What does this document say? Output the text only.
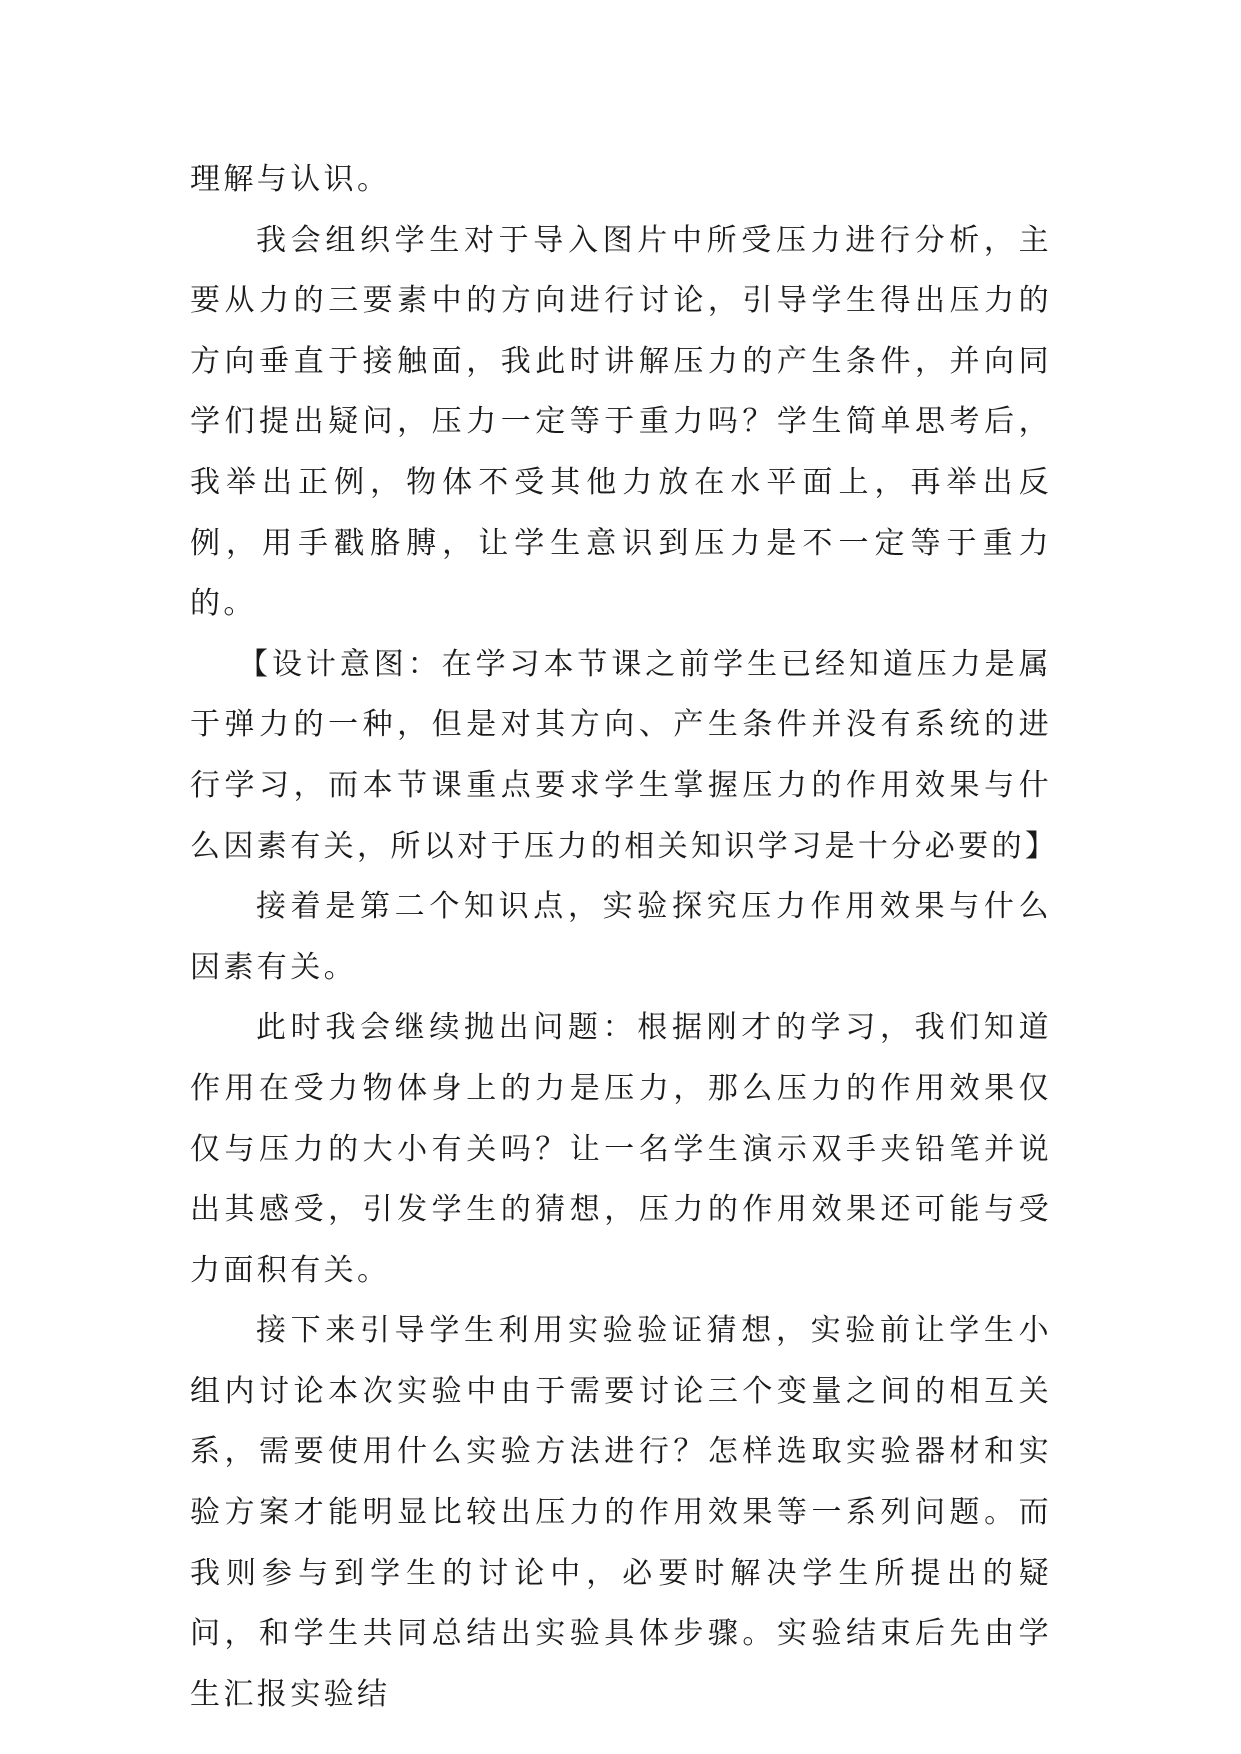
理解与认识。

我会组织学生对于导入图片中所受压力进行分析，主要从力的三要素中的方向进行讨论，引导学生得出压力的方向垂直于接触面，我此时讲解压力的产生条件，并向同学们提出疑问，压力一定等于重力吗？学生简单思考后，我举出正例，物体不受其他力放在水平面上，再举出反例，用手戳胳膊，让学生意识到压力是不一定等于重力的。

【设计意图：在学习本节课之前学生已经知道压力是属于弹力的一种，但是对其方向、产生条件并没有系统的进行学习，而本节课重点要求学生掌握压力的作用效果与什么因素有关，所以对于压力的相关知识学习是十分必要的】

接着是第二个知识点，实验探究压力作用效果与什么因素有关。

此时我会继续抛出问题：根据刚才的学习，我们知道作用在受力物体身上的力是压力，那么压力的作用效果仅仅与压力的大小有关吗？让一名学生演示双手夹铅笔并说出其感受，引发学生的猜想，压力的作用效果还可能与受力面积有关。

接下来引导学生利用实验验证猜想，实验前让学生小组内讨论本次实验中由于需要讨论三个变量之间的相互关系，需要使用什么实验方法进行？怎样选取实验器材和实验方案才能明显比较出压力的作用效果等一系列问题。而我则参与到学生的讨论中，必要时解决学生所提出的疑问，和学生共同总结出实验具体步骤。实验结束后先由学生汇报实验结
